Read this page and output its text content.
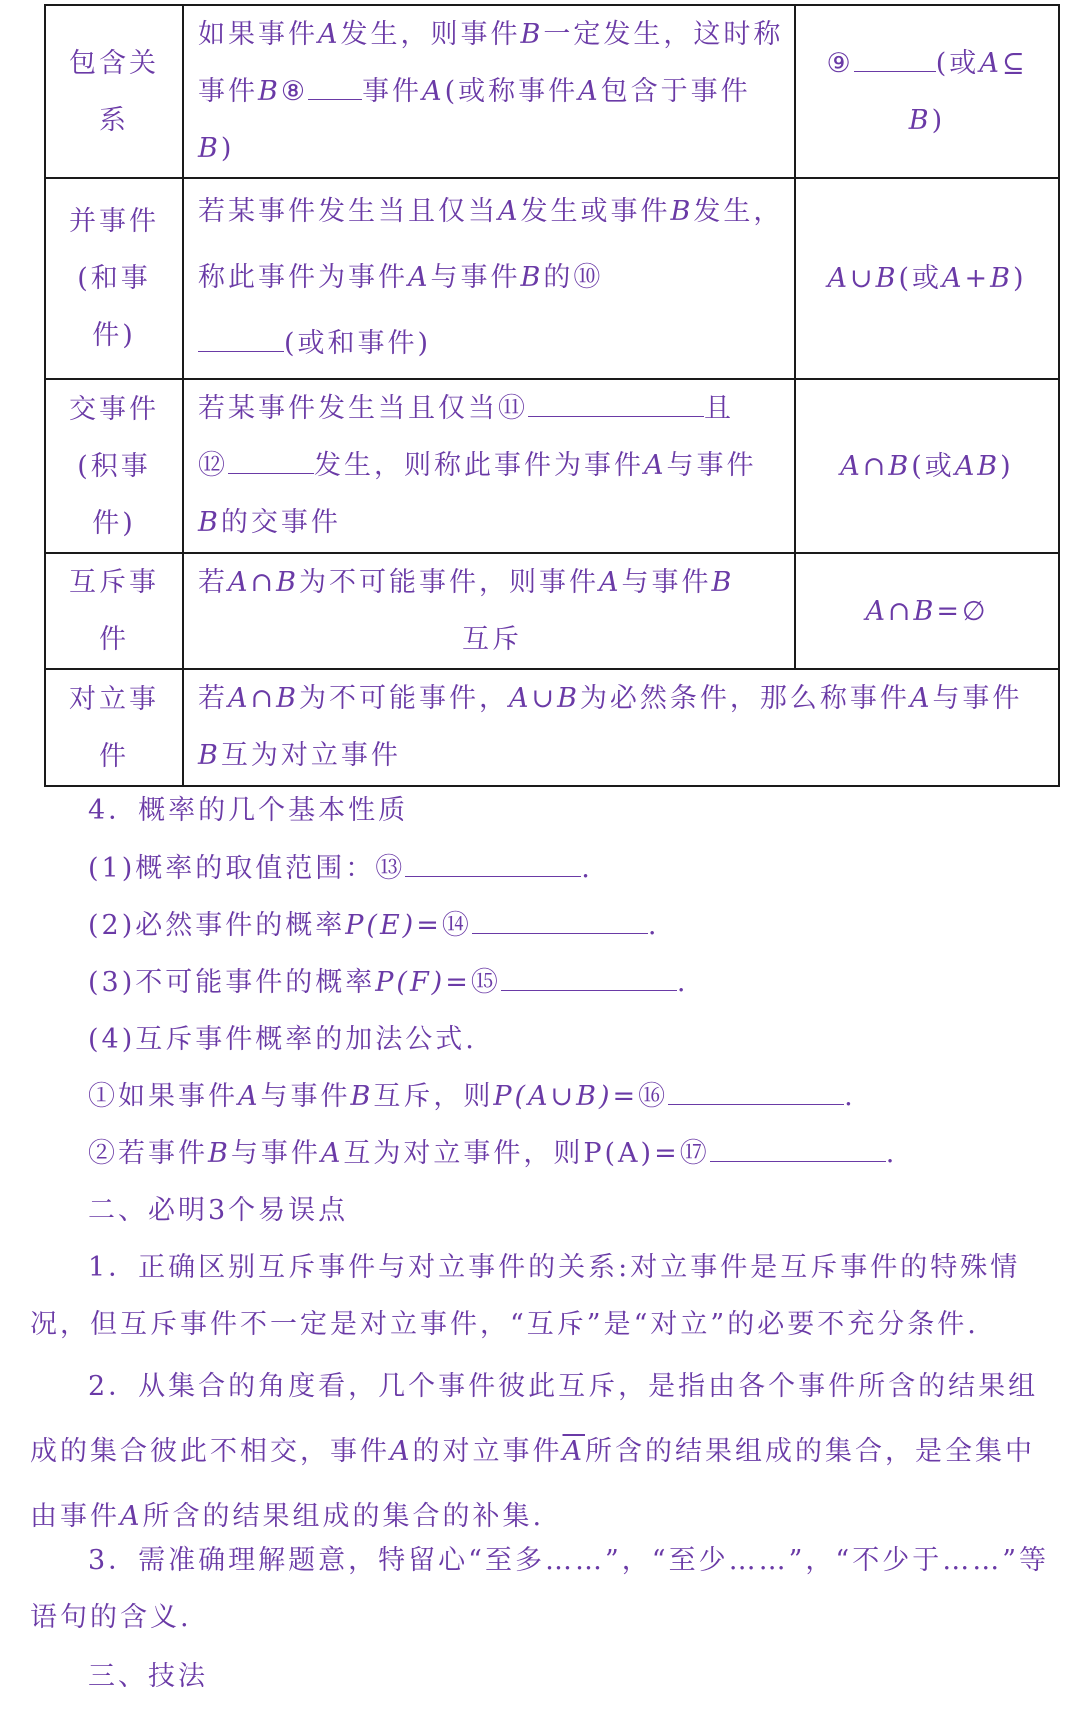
包含关系	如果事件A发生，则事件B一定发生，这时称事件B⑧ 事件A(或称事件A包含于事件B)	⑨ (或A⊆
B)

并事件(和事件)	若某事件发生当且仅当A发生或事件B发生，称此事件为事件A与事件B的⑩
(或和事件)	A∪B(或A+B)
交事件(积事件)	若某事件发生当且仅当⑪ 且
⑫ 发生，则称此事件为事件A与事件
B的交事件	A∩B(或AB)
互斥事件	若A∩B为不可能事件，则事件A与事件B
互斥	A∩B=∅
对立事件	若A∩B为不可能事件，A∪B为必然条件，那么称事件A与事件
B互为对立事件	
4．概率的几个基本性质
(1)概率的取值范围：⑬	.
(2)必然事件的概率P(E)=⑭	.
(3)不可能事件的概率P(F)=⑮	.
(4)互斥事件概率的加法公式.
①如果事件A与事件B互斥，则P(A∪B)=⑯	.
②若事件B与事件A互为对立事件，则P(A)=⑰	.
二、必明3个易误点
1．正确区别互斥事件与对立事件的关系:对立事件是互斥事件的特殊情况，但互斥事件不一定是对立事件，“互斥”是“对立”的必要不充分条件.
2．从集合的角度看，几个事件彼此互斥，是指由各个事件所含的结果组成的集合彼此不相交，事件A的对立事件$\overline{A}$所含的结果组成的集合，是全集中由事件A所含的结果组成的集合的补集.
3．需准确理解题意，特留心“至多……”，“至少……”，“不少于……”等语句的含义.
三、技法
